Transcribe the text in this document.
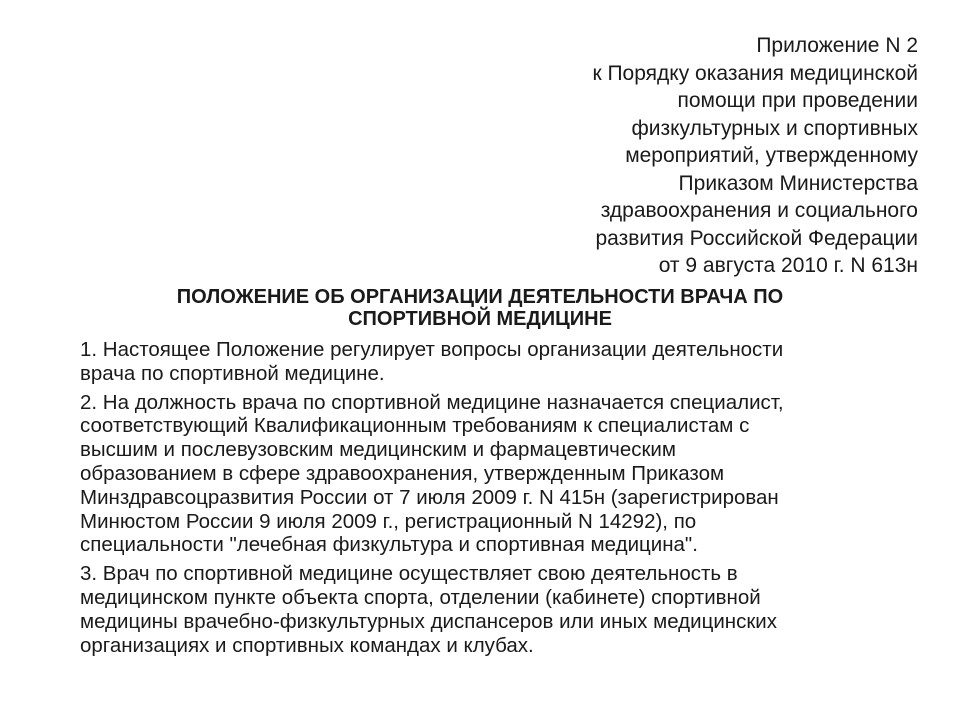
Приложение N 2
к Порядку оказания медицинской
помощи при проведении
физкультурных и спортивных
мероприятий, утвержденному
Приказом Министерства
здравоохранения и социального
развития Российской Федерации
от 9 августа 2010 г. N 613н
ПОЛОЖЕНИЕ ОБ ОРГАНИЗАЦИИ ДЕЯТЕЛЬНОСТИ ВРАЧА ПО
СПОРТИВНОЙ МЕДИЦИНЕ
1. Настоящее Положение регулирует вопросы организации деятельности
врача по спортивной медицине.
2. На должность врача по спортивной медицине назначается специалист,
соответствующий Квалификационным требованиям к специалистам с
высшим и послевузовским медицинским и фармацевтическим
образованием в сфере здравоохранения, утвержденным Приказом
Минздравсоцразвития России от 7 июля 2009 г. N 415н (зарегистрирован
Минюстом России 9 июля 2009 г., регистрационный N 14292), по
специальности "лечебная физкультура и спортивная медицина".
3. Врач по спортивной медицине осуществляет свою деятельность в
медицинском пункте объекта спорта, отделении (кабинете) спортивной
медицины врачебно-физкультурных диспансеров или иных медицинских
организациях и спортивных командах и клубах.
